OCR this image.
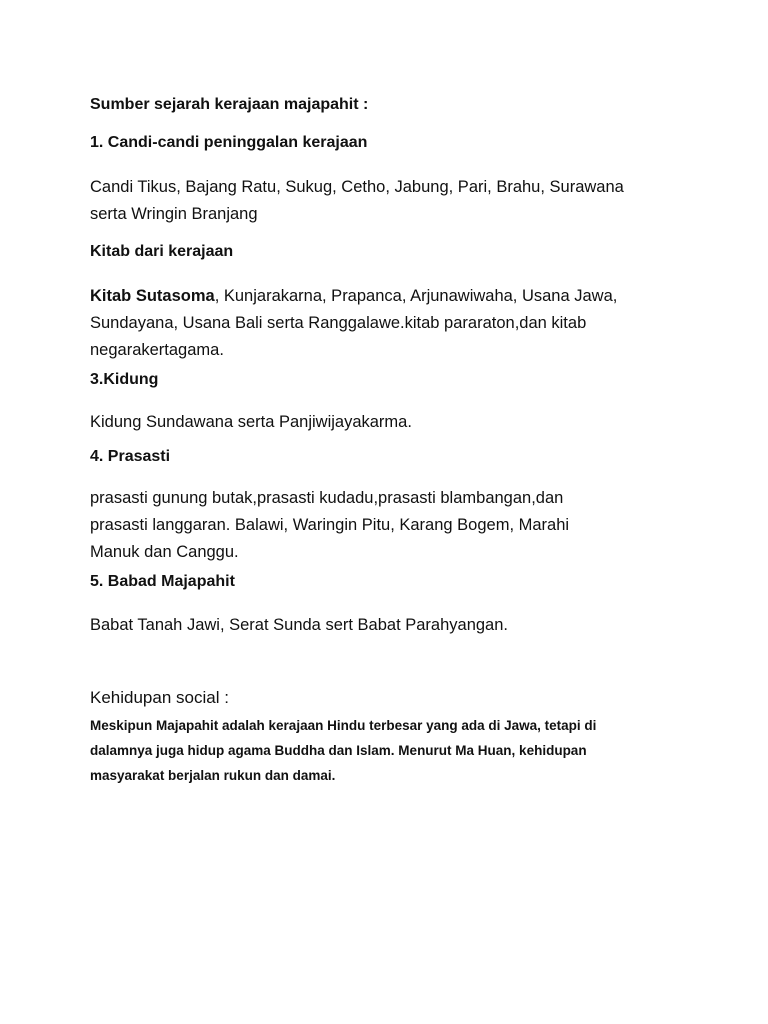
Sumber sejarah kerajaan majapahit :

1. Candi-candi peninggalan kerajaan

Candi Tikus, Bajang Ratu, Sukug, Cetho, Jabung, Pari, Brahu, Surawana
serta Wringin Branjang

Kitab dari kerajaan

Kitab Sutasoma, Kunjarakarna, Prapanca, Arjunawiwaha, Usana Jawa,
Sundayana, Usana Bali serta Ranggalawe.kitab pararaton,dan kitab
negarakertagama.

3.Kidung

Kidung Sundawana serta Panjiwijayakarma.

4. Prasasti

prasasti gunung butak,prasasti kudadu,prasasti blambangan,dan
prasasti langgaran. Balawi, Waringin Pitu, Karang Bogem, Marahi
Manuk dan Canggu.

5. Babad Majapahit

Babat Tanah Jawi, Serat Sunda sert Babat Parahyangan.

Kehidupan social :

Meskipun Majapahit adalah kerajaan Hindu terbesar yang ada di Jawa, tetapi di
dalamnya juga hidup agama Buddha dan Islam. Menurut Ma Huan, kehidupan
masyarakat berjalan rukun dan damai.
